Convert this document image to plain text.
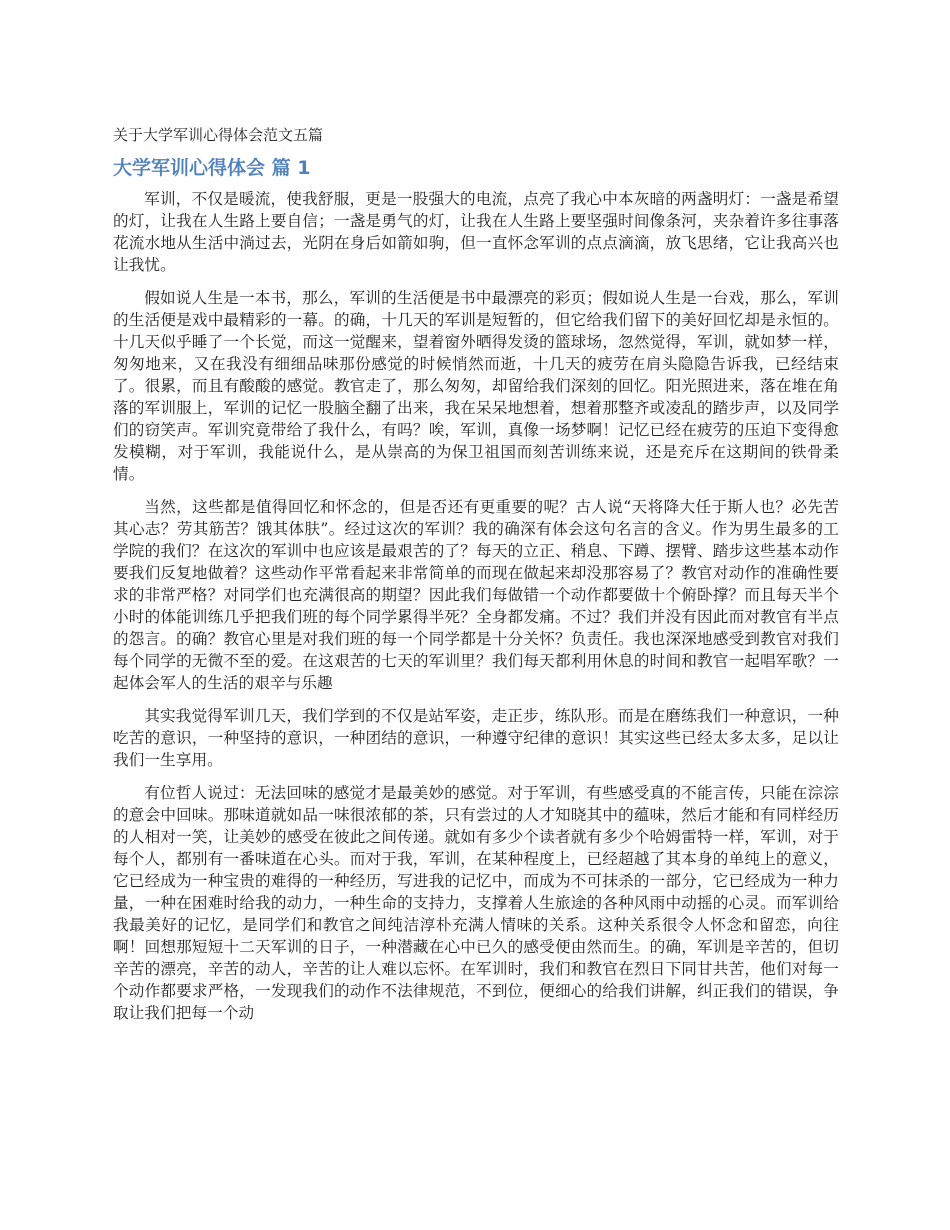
关于大学军训心得体会范文五篇
大学军训心得体会 篇 1

军训，不仅是暖流，使我舒服，更是一股强大的电流，点亮了我心中本灰暗的两盏明灯：一盏是希望的灯，让我在人生路上要自信；一盏是勇气的灯，让我在人生路上要坚强时间像条河，夹杂着许多往事落花流水地从生活中淌过去，光阴在身后如箭如驹，但一直怀念军训的点点滴滴，放飞思绪，它让我高兴也让我忧。

假如说人生是一本书，那么，军训的生活便是书中最漂亮的彩页；假如说人生是一台戏，那么，军训的生活便是戏中最精彩的一幕。的确，十几天的军训是短暂的，但它给我们留下的美好回忆却是永恒的。十几天似乎睡了一个长觉，而这一觉醒来，望着窗外晒得发烫的篮球场，忽然觉得，军训，就如梦一样，匆匆地来，又在我没有细细品味那份感觉的时候悄然而逝，十几天的疲劳在肩头隐隐告诉我，已经结束了。很累，而且有酸酸的感觉。教官走了，那么匆匆，却留给我们深刻的回忆。阳光照进来，落在堆在角落的军训服上，军训的记忆一股脑全翻了出来，我在呆呆地想着，想着那整齐或凌乱的踏步声，以及同学们的窃笑声。军训究竟带给了我什么，有吗？唉，军训，真像一场梦啊！记忆已经在疲劳的压迫下变得愈发模糊，对于军训，我能说什么，是从崇高的为保卫祖国而刻苦训练来说，还是充斥在这期间的铁骨柔情。

当然，这些都是值得回忆和怀念的，但是否还有更重要的呢？古人说“天将降大任于斯人也？必先苦其心志？劳其筋苦？饿其体肤”。经过这次的军训？我的确深有体会这句名言的含义。作为男生最多的工学院的我们？在这次的军训中也应该是最艰苦的了？每天的立正、稍息、下蹲、摆臂、踏步这些基本动作要我们反复地做着？这些动作平常看起来非常简单的而现在做起来却没那容易了？教官对动作的准确性要求的非常严格？对同学们也充满很高的期望？因此我们每做错一个动作都要做十个俯卧撑？而且每天半个小时的体能训练几乎把我们班的每个同学累得半死？全身都发痛。不过？我们并没有因此而对教官有半点的怨言。的确？教官心里是对我们班的每一个同学都是十分关怀？负责任。我也深深地感受到教官对我们每个同学的无微不至的爱。在这艰苦的七天的军训里？我们每天都利用休息的时间和教官一起唱军歌？一起体会军人的生活的艰辛与乐趣

其实我觉得军训几天，我们学到的不仅是站军姿，走正步，练队形。而是在磨练我们一种意识，一种吃苦的意识，一种坚持的意识，一种团结的意识，一种遵守纪律的意识！其实这些已经太多太多，足以让我们一生享用。

有位哲人说过：无法回味的感觉才是最美妙的感觉。对于军训，有些感受真的不能言传，只能在淙淙的意会中回味。那味道就如品一味很浓郁的茶，只有尝过的人才知晓其中的蕴味，然后才能和有同样经历的人相对一笑，让美妙的感受在彼此之间传递。就如有多少个读者就有多少个哈姆雷特一样，军训，对于每个人，都别有一番味道在心头。而对于我，军训，在某种程度上，已经超越了其本身的单纯上的意义，它已经成为一种宝贵的难得的一种经历，写进我的记忆中，而成为不可抹杀的一部分，它已经成为一种力量，一种在困难时给我的动力，一种生命的支持力，支撑着人生旅途的各种风雨中动摇的心灵。而军训给我最美好的记忆，是同学们和教官之间纯洁淳朴充满人情味的关系。这种关系很令人怀念和留恋，向往啊！回想那短短十二天军训的日子，一种潜藏在心中已久的感受便由然而生。的确，军训是辛苦的，但切辛苦的漂亮，辛苦的动人，辛苦的让人难以忘怀。在军训时，我们和教官在烈日下同甘共苦，他们对每一个动作都要求严格，一发现我们的动作不法律规范，不到位，便细心的给我们讲解，纠正我们的错误，争取让我们把每一个动
